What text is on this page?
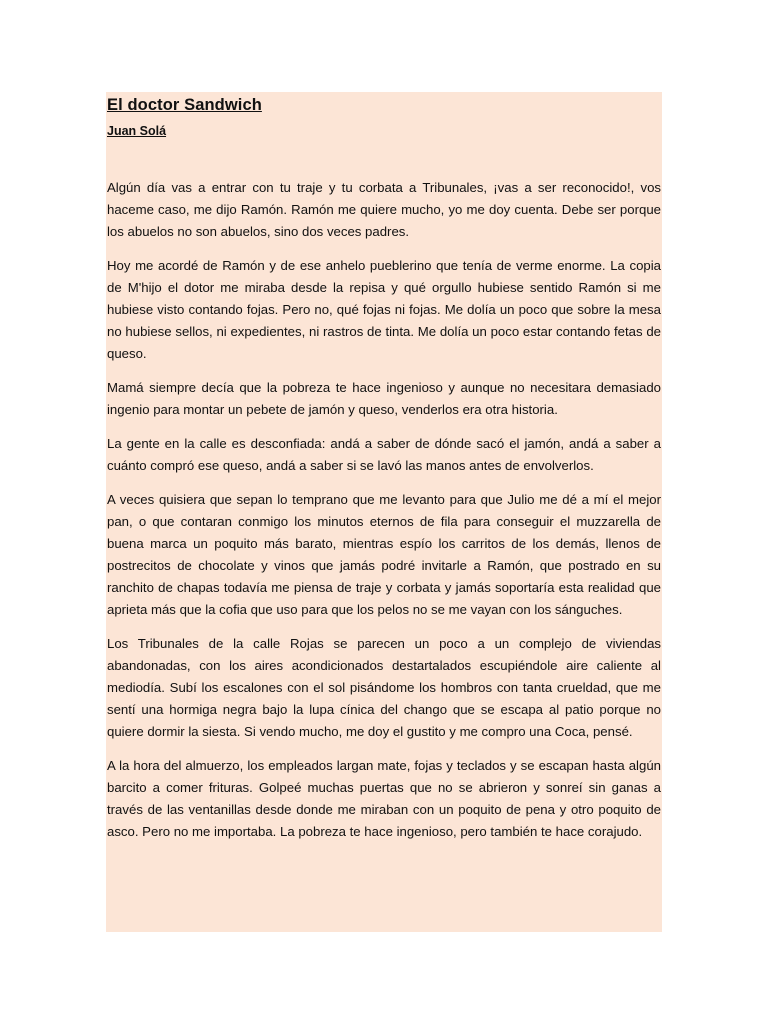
El doctor Sandwich
Juan Solá

Algún día vas a entrar con tu traje y tu corbata a Tribunales, ¡vas a ser reconocido!, vos haceme caso, me dijo Ramón. Ramón me quiere mucho, yo me doy cuenta. Debe ser porque los abuelos no son abuelos, sino dos veces padres.

Hoy me acordé de Ramón y de ese anhelo pueblerino que tenía de verme enorme. La copia de M'hijo el dotor me miraba desde la repisa y qué orgullo hubiese sentido Ramón si me hubiese visto contando fojas. Pero no, qué fojas ni fojas. Me dolía un poco que sobre la mesa no hubiese sellos, ni expedientes, ni rastros de tinta. Me dolía un poco estar contando fetas de queso.

Mamá siempre decía que la pobreza te hace ingenioso y aunque no necesitara demasiado ingenio para montar un pebete de jamón y queso, venderlos era otra historia.

La gente en la calle es desconfiada: andá a saber de dónde sacó el jamón, andá a saber a cuánto compró ese queso, andá a saber si se lavó las manos antes de envolverlos.

A veces quisiera que sepan lo temprano que me levanto para que Julio me dé a mí el mejor pan, o que contaran conmigo los minutos eternos de fila para conseguir el muzzarella de buena marca un poquito más barato, mientras espío los carritos de los demás, llenos de postrecitos de chocolate y vinos que jamás podré invitarle a Ramón, que postrado en su ranchito de chapas todavía me piensa de traje y corbata y jamás soportaría esta realidad que aprieta más que la cofia que uso para que los pelos no se me vayan con los sánguches.

Los Tribunales de la calle Rojas se parecen un poco a un complejo de viviendas abandonadas, con los aires acondicionados destartalados escupiéndole aire caliente al mediodía. Subí los escalones con el sol pisándome los hombros con tanta crueldad, que me sentí una hormiga negra bajo la lupa cínica del chango que se escapa al patio porque no quiere dormir la siesta. Si vendo mucho, me doy el gustito y me compro una Coca, pensé.

A la hora del almuerzo, los empleados largan mate, fojas y teclados y se escapan hasta algún barcito a comer frituras. Golpeé muchas puertas que no se abrieron y sonreí sin ganas a través de las ventanillas desde donde me miraban con un poquito de pena y otro poquito de asco. Pero no me importaba. La pobreza te hace ingenioso, pero también te hace corajudo.
